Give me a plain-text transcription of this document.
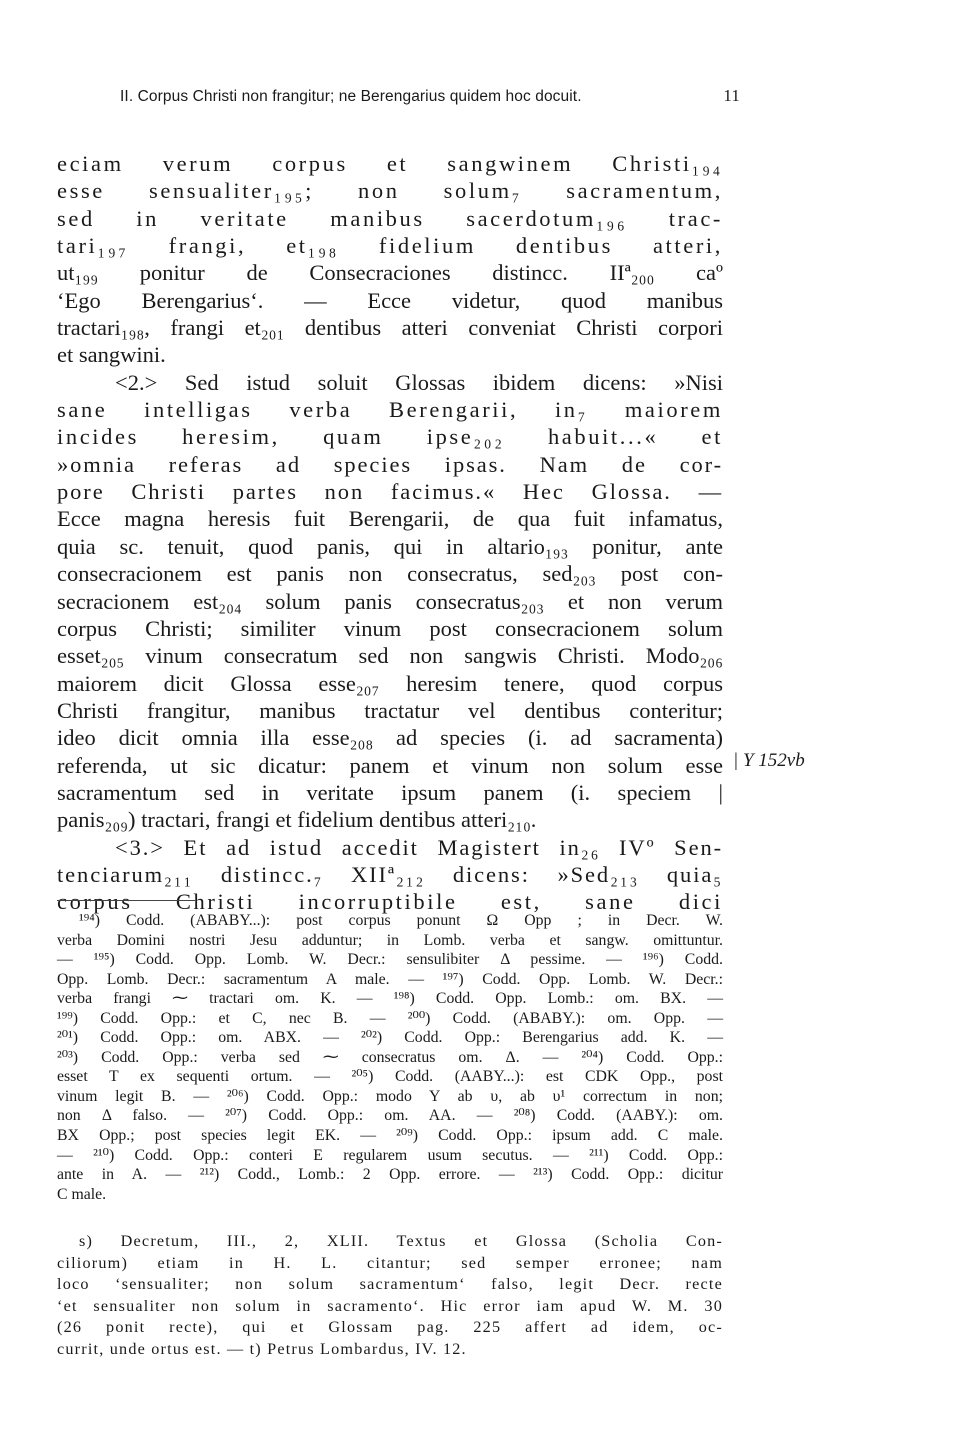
II. Corpus Christi non frangitur; ne Berengarius quidem hoc docuit.	11
eciam verum corpus et sangwinem Christi₁₉₄
esse sensualiter₁₉₅; non solum₇ sacramentum,
sed in veritate manibus sacerdotum₁₉₆ trac-
tari₁₉₇ frangi, et₁₉₈ fidelium dentibus atteri,
ut₁₉₉ ponitur de Consecraciones distincc. IIª₂₀₀ caº
‘Ego Berengarius‘. — Ecce videtur, quod manibus
tractari₁₉₈, frangi et₂₀₁ dentibus atteri conveniat Christi corpori
et sangwini.
<2.> Sed istud soluit Glossas ibidem dicens: »Nisi
sane intelligas verba Berengarii, in₇ maiorem
incides heresim, quam ipse₂₀₂ habuit...« et
»omnia referas ad species ipsas. Nam de cor-
pore Christi partes non facimus.« Hec Glossa. —
Ecce magna heresis fuit Berengarii, de qua fuit infamatus,
quia sc. tenuit, quod panis, qui in altario₁₉₃ ponitur, ante
consecracionem est panis non consecratus, sed₂₀₃ post con-
secracionem est₂₀₄ solum panis consecratus₂₀₃ et non verum
corpus Christi; similiter vinum post consecracionem solum
esset₂₀₅ vinum consecratum sed non sangwis Christi. Modo₂₀₆
maiorem dicit Glossa esse₂₀₇ heresim tenere, quod corpus
Christi frangitur, manibus tractatur vel dentibus conteritur;
ideo dicit omnia illa esse₂₀₈ ad species (i. ad sacramenta)
referenda, ut sic dicatur: panem et vinum non solum esse
sacramentum sed in veritate ipsum panem (i. speciem |
panis₂₀₉) tractari, frangi et fidelium dentibus atteri₂₁₀.
<3.> Et ad istud accedit Magistert in₂₆ IVº Sen-
tenciarum₂₁₁ distincc.₇ XIIª₂₁₂ dicens: »Sed₂₁₃ quia₅
corpus Christi incorruptibile est, sane dici
| Y 152vb
¹⁹⁴) Codd. (ABABY...): post corpus ponunt Ω Opp ; in Decr. W.
verba Domini nostri Jesu adduntur; in Lomb. verba et sangw. omittuntur.
— ¹⁹⁵) Codd. Opp. Lomb. W. Decr.: sensulibiter Δ pessime. — ¹⁹⁶) Codd.
Opp. Lomb. Decr.: sacramentum A male. — ¹⁹⁷) Codd. Opp. Lomb. W. Decr.:
verba frangi ⁓ tractari om. K. — ¹⁹⁸) Codd. Opp. Lomb.: om. BX. —
¹⁹⁹) Codd. Opp.: et C, nec B. — ²⁰⁰) Codd. (ABABY.): om. Opp. —
²⁰¹) Codd. Opp.: om. ABX. — ²⁰²) Codd. Opp.: Berengarius add. K. —
²⁰³) Codd. Opp.: verba sed ⁓ consecratus om. Δ. — ²⁰⁴) Codd. Opp.:
esset T ex sequenti ortum. — ²⁰⁵) Codd. (AABY...): est CDK Opp., post
vinum legit B. — ²⁰⁶) Codd. Opp.: modo Y ab υ, ab υ¹ correctum in non;
non Δ falso. — ²⁰⁷) Codd. Opp.: om. AA. — ²⁰⁸) Codd. (AABY.): om.
BX Opp.; post species legit EK. — ²⁰⁹) Codd. Opp.: ipsum add. C male.
— ²¹⁰) Codd. Opp.: conteri E regularem usum secutus. — ²¹¹) Codd. Opp.:
ante in A. — ²¹²) Codd., Lomb.: 2 Opp. errore. — ²¹³) Codd. Opp.: dicitur
C male.
s) Decretum, III., 2, XLII. Textus et Glossa (Scholia Con-
ciliorum) etiam in H. L. citantur; sed semper erronee; nam
loco ‘sensualiter; non solum sacramentum‘ falso, legit Decr. recte
‘et sensualiter non solum in sacramento‘. Hic error iam apud W. M. 30
(26 ponit recte), qui et Glossam pag. 225 affert ad idem, oc-
currit, unde ortus est. — t) Petrus Lombardus, IV. 12.
